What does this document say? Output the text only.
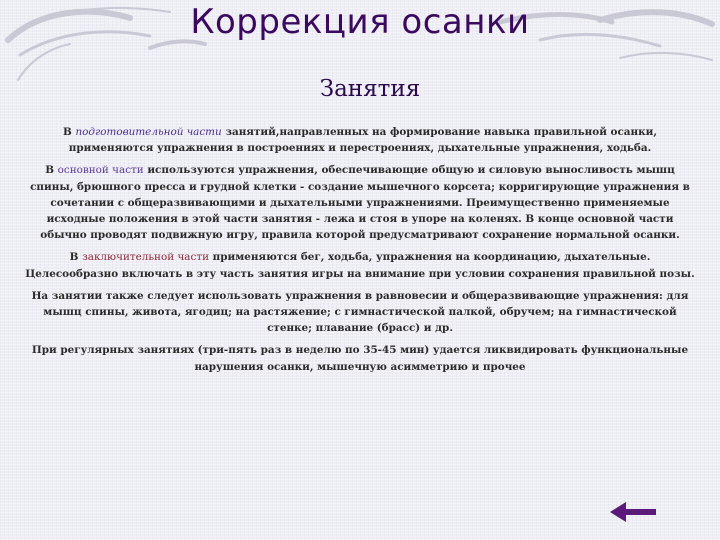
Коррекция осанки
Занятия

В подготовительной части занятий,направленных на формирование навыка правильной осанки, применяются упражнения в построениях и перестроениях, дыхательные упражнения, ходьба.

В основной части используются упражнения, обеспечивающие общую и силовую выносливость мышц спины, брюшного пресса и грудной клетки - создание мышечного корсета; корригирующие упражнения в сочетании с общеразвивающими и дыхательными упражнениями. Преимущественно применяемые исходные положения в этой части занятия - лежа и стоя в упоре на коленях. В конце основной части обычно проводят подвижную игру, правила которой предусматривают сохранение нормальной осанки.

В заключительной части применяются бег, ходьба, упражнения на координацию, дыхательные. Целесообразно включать в эту часть занятия игры на внимание при условии сохранения правильной позы.

На занятии также следует использовать упражнения в равновесии и общеразвивающие упражнения: для мышц спины, живота, ягодиц; на растяжение; с гимнастической палкой, обручем; на гимнастической стенке; плавание (брасс) и др.

При регулярных занятиях (три-пять раз в неделю по 35-45 мин) удается ликвидировать функциональные нарушения осанки, мышечную асимметрию и прочее
